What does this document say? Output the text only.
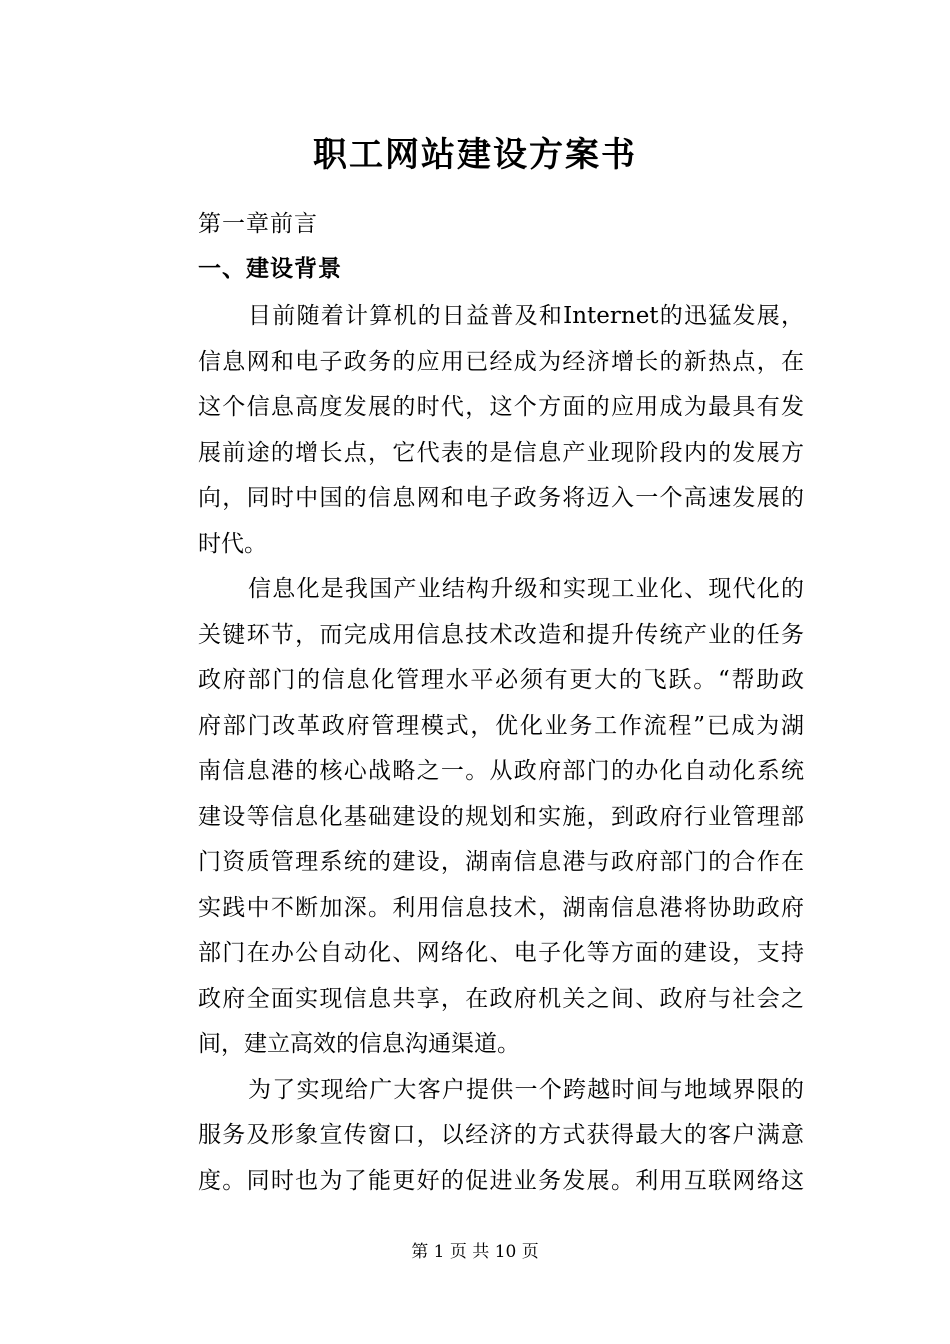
职工网站建设方案书
第一章前言
一、建设背景
目前随着计算机的日益普及和Internet的迅猛发展，
信息网和电子政务的应用已经成为经济增长的新热点，在
这个信息高度发展的时代，这个方面的应用成为最具有发
展前途的增长点，它代表的是信息产业现阶段内的发展方
向，同时中国的信息网和电子政务将迈入一个高速发展的
时代。
信息化是我国产业结构升级和实现工业化、现代化的
关键环节，而完成用信息技术改造和提升传统产业的任务
政府部门的信息化管理水平必须有更大的飞跃。“帮助政
府部门改革政府管理模式，优化业务工作流程”已成为湖
南信息港的核心战略之一。从政府部门的办化自动化系统
建设等信息化基础建设的规划和实施，到政府行业管理部
门资质管理系统的建设，湖南信息港与政府部门的合作在
实践中不断加深。利用信息技术，湖南信息港将协助政府
部门在办公自动化、网络化、电子化等方面的建设，支持
政府全面实现信息共享，在政府机关之间、政府与社会之
间，建立高效的信息沟通渠道。
为了实现给广大客户提供一个跨越时间与地域界限的
服务及形象宣传窗口，以经济的方式获得最大的客户满意
度。同时也为了能更好的促进业务发展。利用互联网络这
第 1 页 共 10 页
